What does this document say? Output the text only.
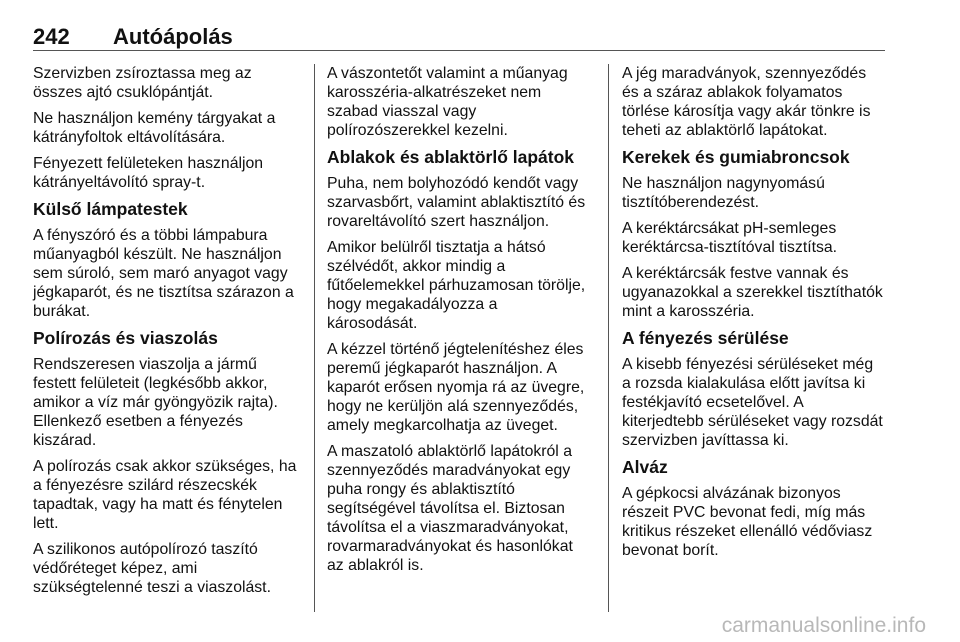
242 Autóápolás
Szervizben zsíroztassa meg az
összes ajtó csuklópántját.
Ne használjon kemény tárgyakat a
kátrányfoltok eltávolítására.
Fényezett felületeken használjon
kátrányeltávolító spray-t.
Külső lámpatestek
A fényszóró és a többi lámpabura
műanyagból készült. Ne használjon
sem súroló, sem maró anyagot vagy
jégkaparót, és ne tisztítsa szárazon a
burákat.
Polírozás és viaszolás
Rendszeresen viaszolja a jármű
festett felületeit (legkésőbb akkor,
amikor a víz már gyöngyözik rajta).
Ellenkező esetben a fényezés
kiszárad.
A polírozás csak akkor szükséges, ha
a fényezésre szilárd részecskék
tapadtak, vagy ha matt és fénytelen
lett.
A szilikonos autópolírozó taszító
védőréteget képez, ami
szükségtelenné teszi a viaszolást.
A vászontetőt valamint a műanyag
karosszéria-alkatrészeket nem
szabad viasszal vagy
polírozószerekkel kezelni.
Ablakok és ablaktörlő lapátok
Puha, nem bolyhozódó kendőt vagy
szarvasbőrt, valamint ablaktisztító és
rovareltávolító szert használjon.
Amikor belülről tisztatja a hátsó
szélvédőt, akkor mindig a
fűtőelemekkel párhuzamosan törölje,
hogy megakadályozza a
károsodását.
A kézzel történő jégtelenítéshez éles
peremű jégkaparót használjon. A
kaparót erősen nyomja rá az üvegre,
hogy ne kerüljön alá szennyeződés,
amely megkarcolhatja az üveget.
A maszatoló ablaktörlő lapátokról a
szennyeződés maradványokat egy
puha rongy és ablaktisztító
segítségével távolítsa el. Biztosan
távolítsa el a viaszmaradványokat,
rovarmaradványokat és hasonlókat
az ablakról is.
A jég maradványok, szennyeződés
és a száraz ablakok folyamatos
törlése károsítja vagy akár tönkre is
teheti az ablaktörlő lapátokat.
Kerekek és gumiabroncsok
Ne használjon nagynyomású
tisztítóberendezést.
A keréktárcsákat pH-semleges
keréktárcsa-tisztítóval tisztítsa.
A keréktárcsák festve vannak és
ugyanazokkal a szerekkel tisztíthatók
mint a karosszéria.
A fényezés sérülése
A kisebb fényezési sérüléseket még
a rozsda kialakulása előtt javítsa ki
festékjavító ecsetelővel. A
kiterjedtebb sérüléseket vagy rozsdát
szervizben javíttassa ki.
Alváz
A gépkocsi alvázának bizonyos
részeit PVC bevonat fedi, míg más
kritikus részeket ellenálló védőviasz
bevonat borít.
carmanualsonline.info
